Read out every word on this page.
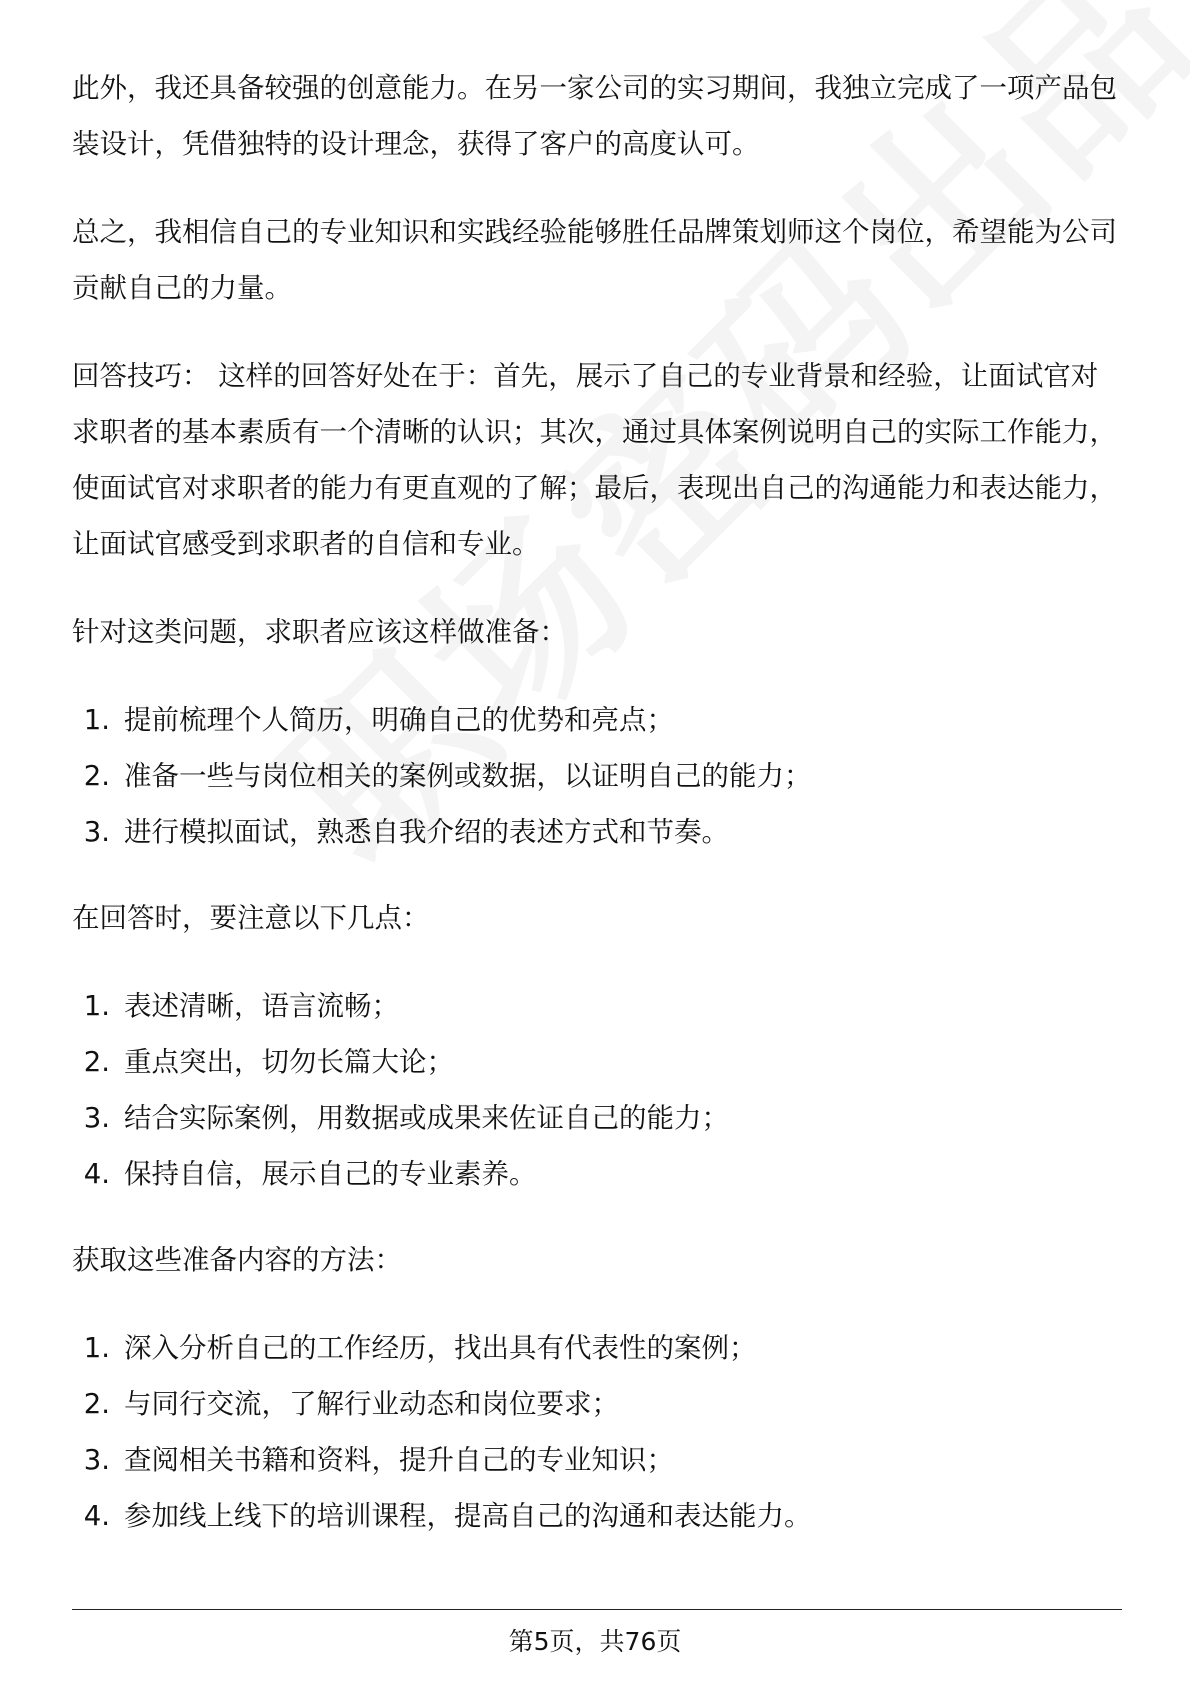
此外，我还具备较强的创意能力。在另一家公司的实习期间，我独立完成了一项产品包装设计，凭借独特的设计理念，获得了客户的高度认可。

总之，我相信自己的专业知识和实践经验能够胜任品牌策划师这个岗位，希望能为公司贡献自己的力量。

回答技巧： 这样的回答好处在于：首先，展示了自己的专业背景和经验，让面试官对求职者的基本素质有一个清晰的认识；其次，通过具体案例说明自己的实际工作能力，使面试官对求职者的能力有更直观的了解；最后，表现出自己的沟通能力和表达能力，让面试官感受到求职者的自信和专业。

针对这类问题，求职者应该这样做准备：

1. 提前梳理个人简历，明确自己的优势和亮点；
2. 准备一些与岗位相关的案例或数据，以证明自己的能力；
3. 进行模拟面试，熟悉自我介绍的表述方式和节奏。

在回答时，要注意以下几点：

1. 表述清晰，语言流畅；
2. 重点突出，切勿长篇大论；
3. 结合实际案例，用数据或成果来佐证自己的能力；
4. 保持自信，展示自己的专业素养。

获取这些准备内容的方法：

1. 深入分析自己的工作经历，找出具有代表性的案例；
2. 与同行交流，了解行业动态和岗位要求；
3. 查阅相关书籍和资料，提升自己的专业知识；
4. 参加线上线下的培训课程，提高自己的沟通和表达能力。
第5页，共76页
